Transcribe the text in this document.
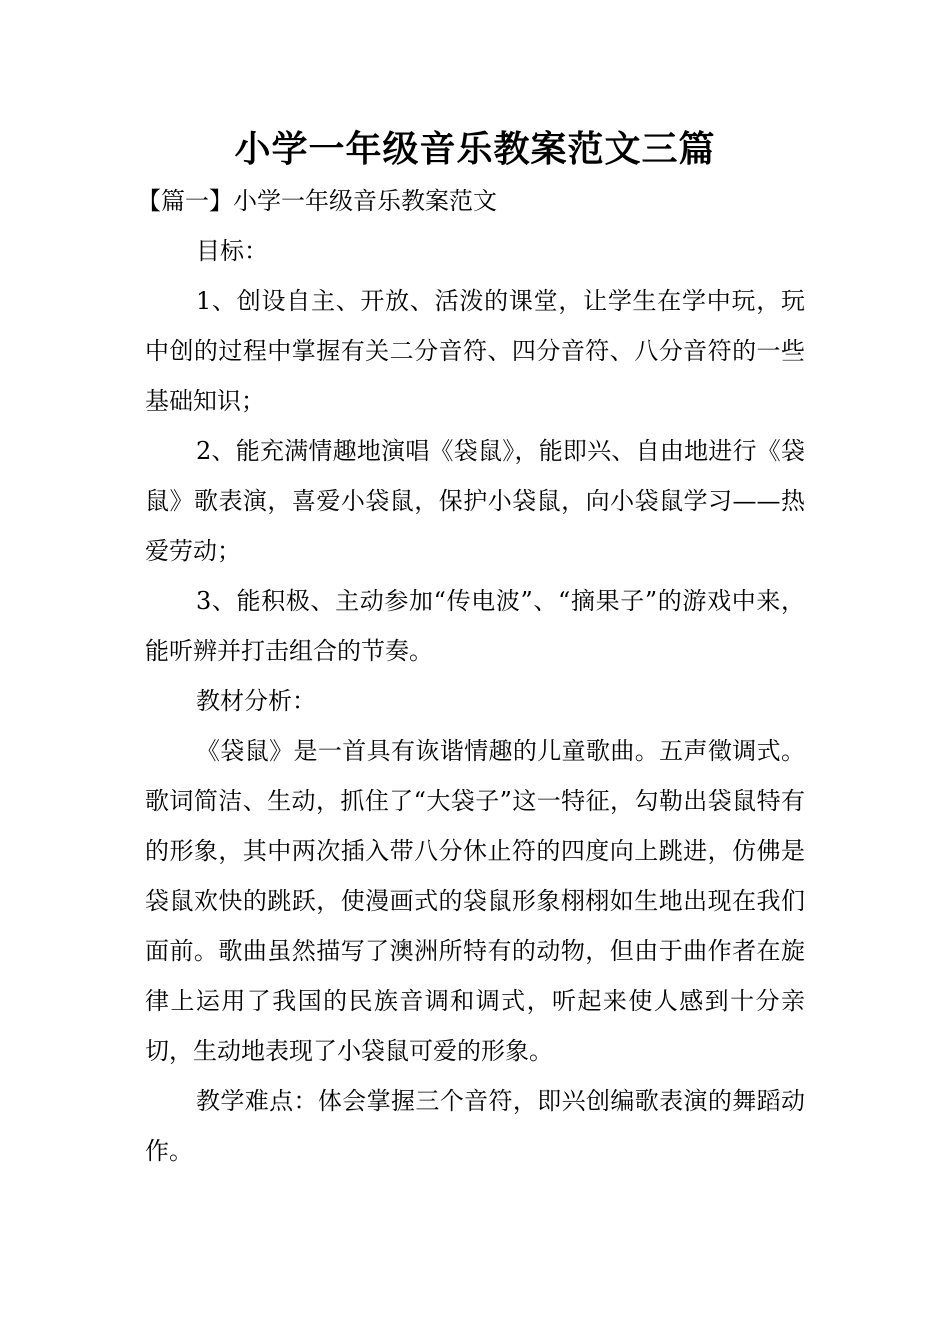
小学一年级音乐教案范文三篇

【篇一】小学一年级音乐教案范文

目标：

1、创设自主、开放、活泼的课堂，让学生在学中玩，玩中创的过程中掌握有关二分音符、四分音符、八分音符的一些基础知识；

2、能充满情趣地演唱《袋鼠》，能即兴、自由地进行《袋鼠》歌表演，喜爱小袋鼠，保护小袋鼠，向小袋鼠学习——热爱劳动；

3、能积极、主动参加“传电波”、“摘果子”的游戏中来，能听辨并打击组合的节奏。

教材分析：

《袋鼠》是一首具有诙谐情趣的儿童歌曲。五声徵调式。歌词简洁、生动，抓住了“大袋子”这一特征，勾勒出袋鼠特有的形象，其中两次插入带八分休止符的四度向上跳进，仿佛是袋鼠欢快的跳跃，使漫画式的袋鼠形象栩栩如生地出现在我们面前。歌曲虽然描写了澳洲所特有的动物，但由于曲作者在旋律上运用了我国的民族音调和调式，听起来使人感到十分亲切，生动地表现了小袋鼠可爱的形象。

教学难点：体会掌握三个音符，即兴创编歌表演的舞蹈动作。
